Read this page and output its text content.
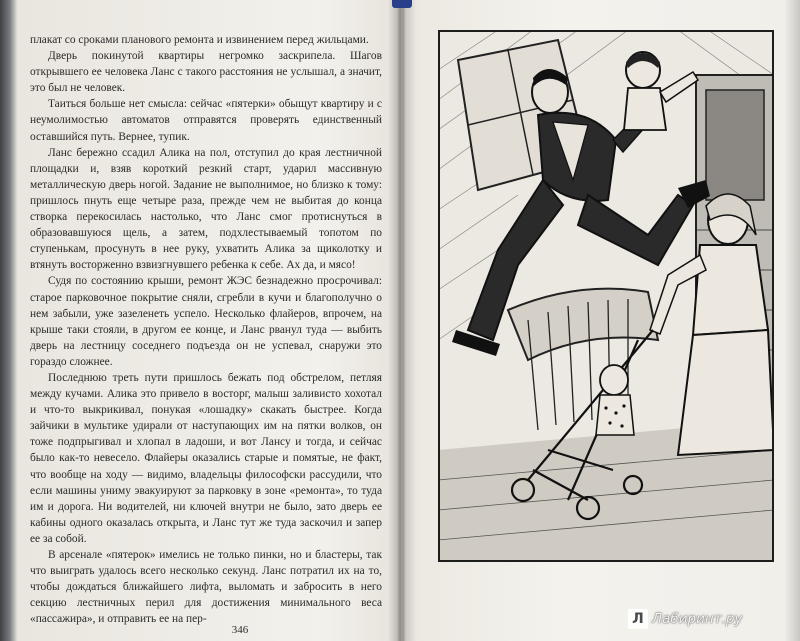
плакат со сроками планового ремонта и извинением перед жильцами.

Дверь покинутой квартиры негромко заскрипела. Шагов открывшего ее человека Ланс с такого расстояния не услышал, а значит, это был не человек.

Таиться больше нет смысла: сейчас «пятерки» обыщут квартиру и с неумолимостью автоматов отправятся проверять единственный оставшийся путь. Вернее, тупик.

Ланс бережно ссадил Алика на пол, отступил до края лестничной площадки и, взяв короткий резкий старт, ударил массивную металлическую дверь ногой. Задание не выполнимое, но близко к тому: пришлось пнуть еще четыре раза, прежде чем не выбитая до конца створка перекосилась настолько, что Ланс смог протиснуться в образовавшуюся щель, а затем, подхлестываемый топотом по ступенькам, просунуть в нее руку, ухватить Алика за щиколотку и втянуть восторженно взвизгнувшего ребенка к себе. Ах да, и мясо!

Судя по состоянию крыши, ремонт ЖЭС безнадежно просрочивал: старое парковочное покрытие сняли, сгребли в кучи и благополучно о нем забыли, уже зазеленеть успело. Несколько флайеров, впрочем, на крыше таки стояли, в другом ее конце, и Ланс рванул туда — выбить дверь на лестницу соседнего подъезда он не успевал, снаружи это гораздо сложнее.

Последнюю треть пути пришлось бежать под обстрелом, петляя между кучами. Алика это привело в восторг, малыш заливисто хохотал и что-то выкрикивал, понукая «лошадку» скакать быстрее. Когда зайчики в мультике удирали от наступающих им на пятки волков, он тоже подпрыгивал и хлопал в ладоши, и вот Лансу и тогда, и сейчас было как-то невесело. Флайеры оказались старые и помятые, не факт, что вообще на ходу — видимо, владельцы философски рассудили, что если машины униму эвакуируют за парковку в зоне «ремонта», то туда им и дорога. Ни водителей, ни ключей внутри не было, зато дверь ее кабины одного оказалась открыта, и Ланс тут же туда заскочил и запер ее за собой.

В арсенале «пятерок» имелись не только пинки, но и бластеры, так что выиграть удалось всего несколько секунд. Ланс потратил их на то, чтобы дождаться ближайшего лифта, выломать и забросить в него секцию лестничных перил для достижения минимального веса «пассажира», и отправить ее на пер-

346
Л Лабиринт.ру
